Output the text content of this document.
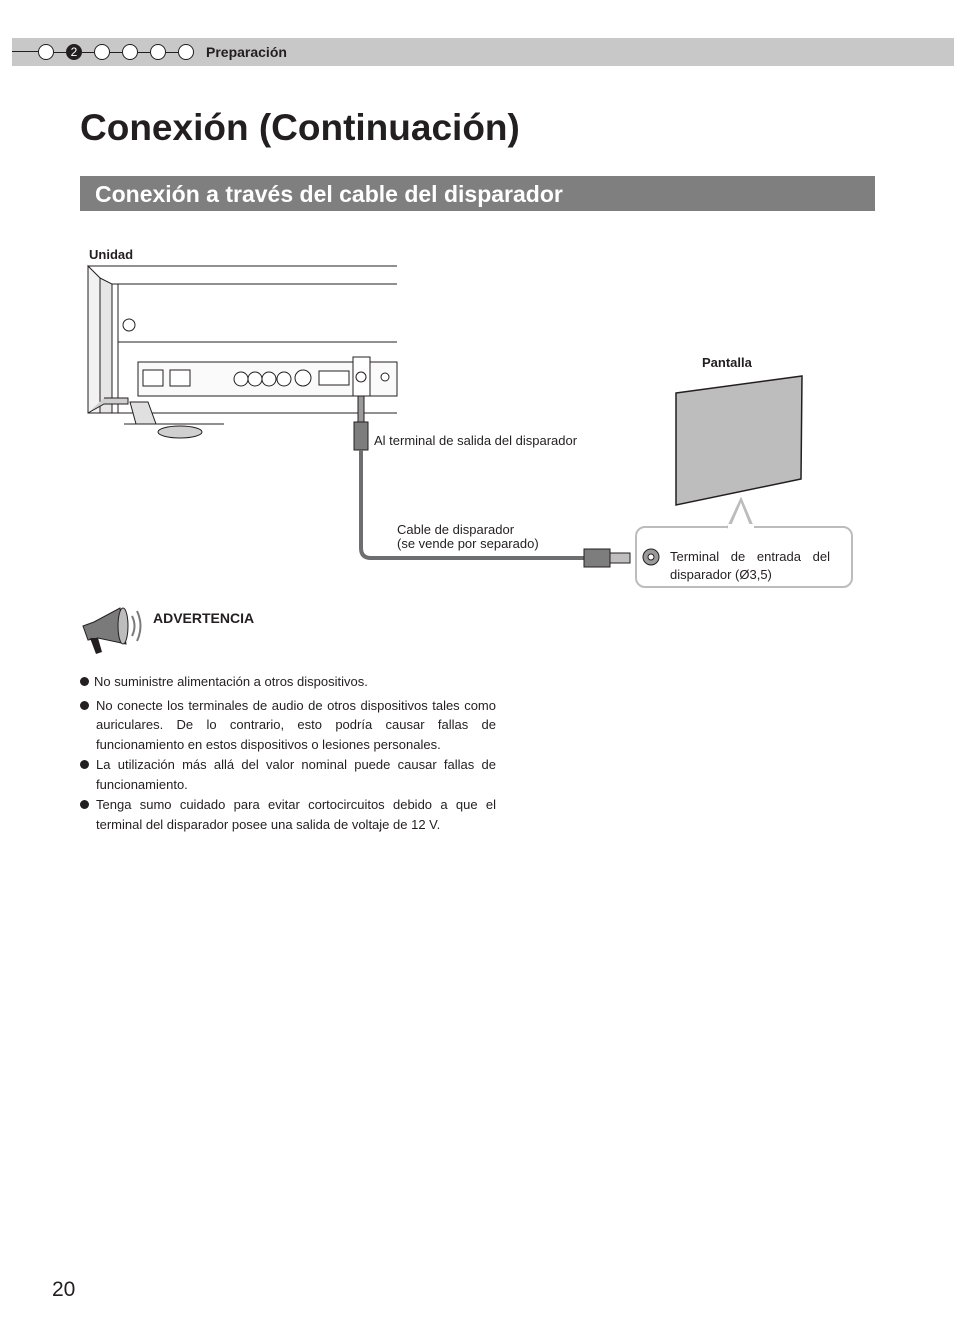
2	Preparación
Conexión (Continuación)
Conexión a través del cable del disparador
Unidad
Pantalla
Al terminal de salida del disparador
Cable de disparador
(se vende por separado)
Terminal de entrada del disparador (Ø3,5)
ADVERTENCIA
No suministre alimentación a otros dispositivos.
No conecte los terminales de audio de otros dispositivos tales como auriculares. De lo contrario, esto podría causar fallas de funcionamiento en estos dispositivos o lesiones personales.
La utilización más allá del valor nominal puede causar fallas de funcionamiento.
Tenga sumo cuidado para evitar cortocircuitos debido a que el terminal del disparador posee una salida de voltaje de 12 V.
20
